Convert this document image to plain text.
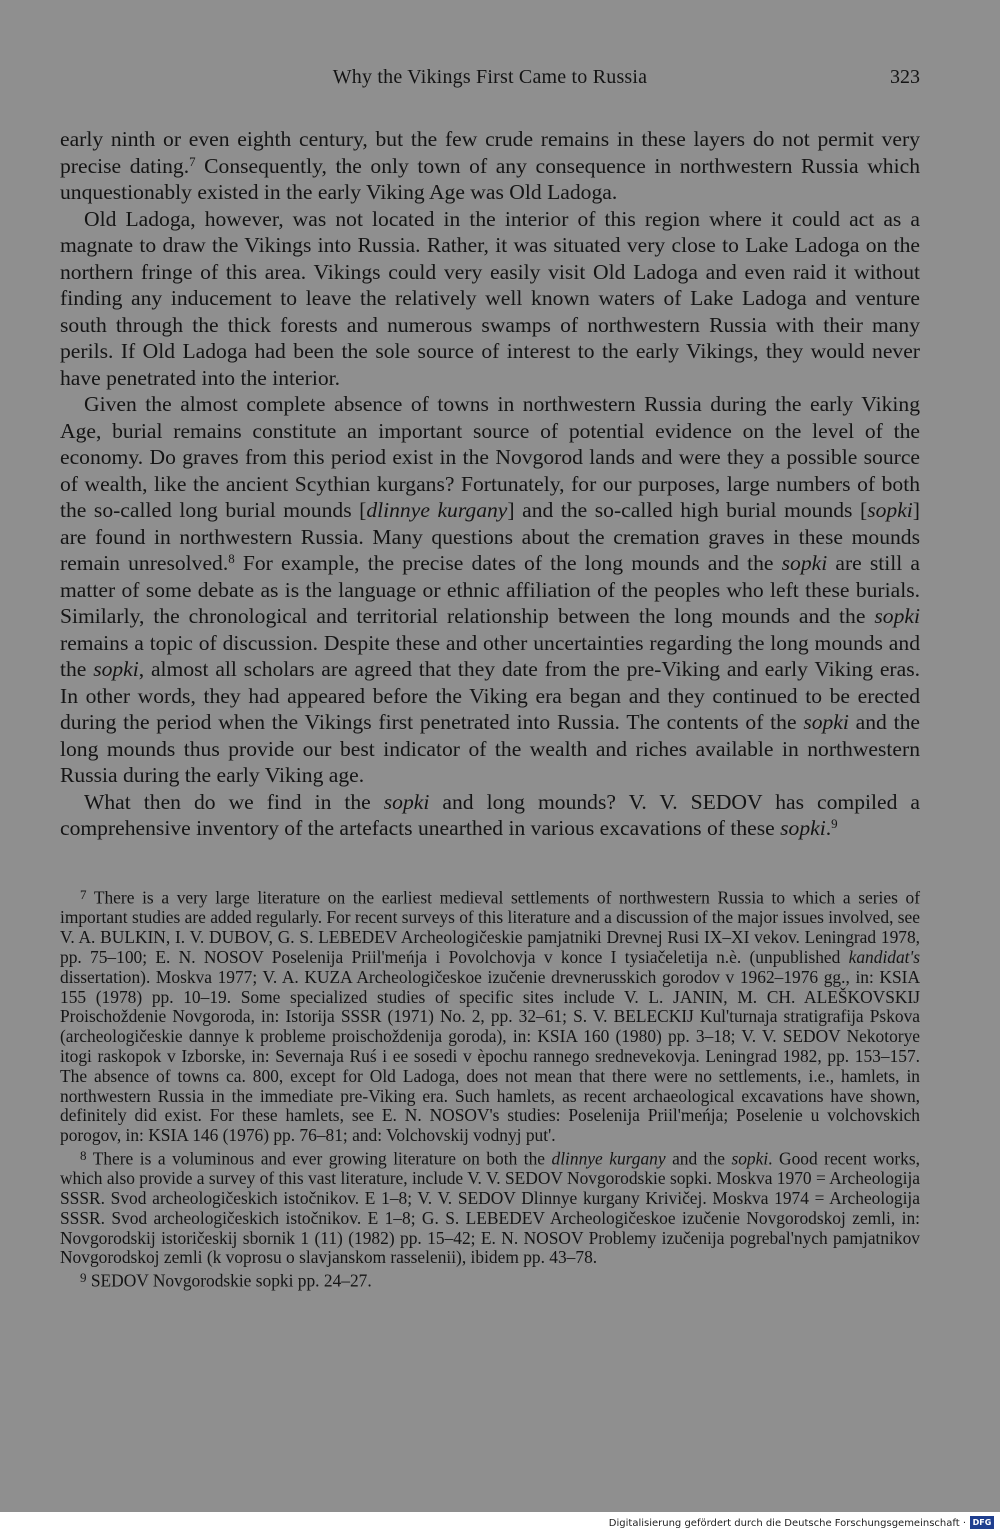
Why the Vikings First Came to Russia	323

early ninth or even eighth century, but the few crude remains in these layers do not permit very precise dating.$^7$ Consequently, the only town of any consequence in northwestern Russia which unquestionably existed in the early Viking Age was Old Ladoga.

Old Ladoga, however, was not located in the interior of this region where it could act as a magnate to draw the Vikings into Russia. Rather, it was situated very close to Lake Ladoga on the northern fringe of this area. Vikings could very easily visit Old Ladoga and even raid it without finding any inducement to leave the relatively well known waters of Lake Ladoga and venture south through the thick forests and numerous swamps of northwestern Russia with their many perils. If Old Ladoga had been the sole source of interest to the early Vikings, they would never have penetrated into the interior.

Given the almost complete absence of towns in northwestern Russia during the early Viking Age, burial remains constitute an important source of potential evidence on the level of the economy. Do graves from this period exist in the Novgorod lands and were they a possible source of wealth, like the ancient Scythian kurgans? Fortunately, for our purposes, large numbers of both the so-called long burial mounds [dlinnye kurgany] and the so-called high burial mounds [sopki] are found in northwestern Russia. Many questions about the cremation graves in these mounds remain unresolved.$^8$ For example, the precise dates of the long mounds and the sopki are still a matter of some debate as is the language or ethnic affiliation of the peoples who left these burials. Similarly, the chronological and territorial relationship between the long mounds and the sopki remains a topic of discussion. Despite these and other uncertainties regarding the long mounds and the sopki, almost all scholars are agreed that they date from the pre-Viking and early Viking eras. In other words, they had appeared before the Viking era began and they continued to be erected during the period when the Vikings first penetrated into Russia. The contents of the sopki and the long mounds thus provide our best indicator of the wealth and riches available in northwestern Russia during the early Viking age.

What then do we find in the sopki and long mounds? V. V. SEDOV has compiled a comprehensive inventory of the artefacts unearthed in various excavations of these sopki.$^9$

$^7$ There is a very large literature on the earliest medieval settlements of northwestern Russia to which a series of important studies are added regularly. For recent surveys of this literature and a discussion of the major issues involved, see V. A. BULKIN, I. V. DUBOV, G. S. LEBEDEV Archeologičeskie pamjatniki Drevnej Rusi IX–XI vekov. Leningrad 1978, pp. 75–100; E. N. NOSOV Poselenija Priil'meńja i Povolchovja v konce I tysiačeletija n.è. (unpublished kandidat's dissertation). Moskva 1977; V. A. KUZA Archeologičeskoe izučenie drevnerusskich gorodov v 1962–1976 gg., in: KSIA 155 (1978) pp. 10–19. Some specialized studies of specific sites include V. L. JANIN, M. CH. ALEŠKOVSKIJ Proischoždenie Novgoroda, in: Istorija SSSR (1971) No. 2, pp. 32–61; S. V. BELECKIJ Kul'turnaja stratigrafija Pskova (archeologičeskie dannye k probleme proischoždenija goroda), in: KSIA 160 (1980) pp. 3–18; V. V. SEDOV Nekotorye itogi raskopok v Izborske, in: Severnaja Ruś i ee sosedi v èpochu rannego srednevekovja. Leningrad 1982, pp. 153–157. The absence of towns ca. 800, except for Old Ladoga, does not mean that there were no settlements, i.e., hamlets, in northwestern Russia in the immediate pre-Viking era. Such hamlets, as recent archaeological excavations have shown, definitely did exist. For these hamlets, see E. N. NOSOV's studies: Poselenija Priil'meńja; Poselenie u volchovskich porogov, in: KSIA 146 (1976) pp. 76–81; and: Volchovskij vodnyj put'.

$^8$ There is a voluminous and ever growing literature on both the dlinnye kurgany and the sopki. Good recent works, which also provide a survey of this vast literature, include V. V. SEDOV Novgorodskie sopki. Moskva 1970 = Archeologija SSSR. Svod archeologičeskich istočnikov. E 1–8; V. V. SEDOV Dlinnye kurgany Krivičej. Moskva 1974 = Archeologija SSSR. Svod archeologičeskich istočnikov. E 1–8; G. S. LEBEDEV Archeologičeskoe izučenie Novgorodskoj zemli, in: Novgorodskij istoričeskij sbornik 1 (11) (1982) pp. 15–42; E. N. NOSOV Problemy izučenija pogrebal'nych pamjatnikov Novgorodskoj zemli (k voprosu o slavjanskom rasselenii), ibidem pp. 43–78.

$^9$ SEDOV Novgorodskie sopki pp. 24–27.

Digitalisierung gefördert durch die Deutsche Forschungsgemeinschaft · DFG
